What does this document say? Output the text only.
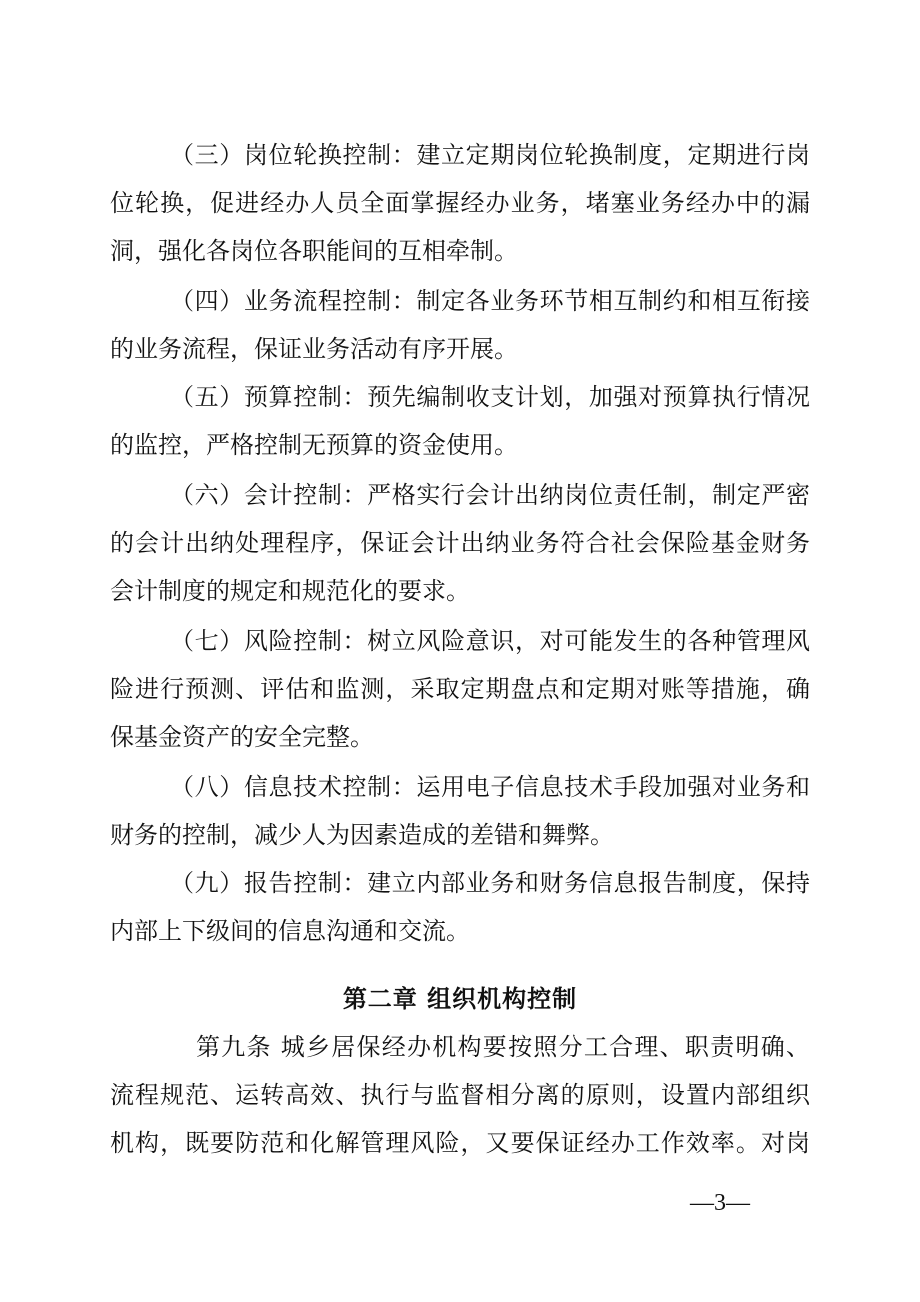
（三）岗位轮换控制：建立定期岗位轮换制度，定期进行岗
位轮换，促进经办人员全面掌握经办业务，堵塞业务经办中的漏
洞，强化各岗位各职能间的互相牵制。
（四）业务流程控制：制定各业务环节相互制约和相互衔接
的业务流程，保证业务活动有序开展。
（五）预算控制：预先编制收支计划，加强对预算执行情况
的监控，严格控制无预算的资金使用。
（六）会计控制：严格实行会计出纳岗位责任制，制定严密
的会计出纳处理程序，保证会计出纳业务符合社会保险基金财务
会计制度的规定和规范化的要求。
（七）风险控制：树立风险意识，对可能发生的各种管理风
险进行预测、评估和监测，采取定期盘点和定期对账等措施，确
保基金资产的安全完整。
（八）信息技术控制：运用电子信息技术手段加强对业务和
财务的控制，减少人为因素造成的差错和舞弊。
（九）报告控制：建立内部业务和财务信息报告制度，保持
内部上下级间的信息沟通和交流。
第二章 组织机构控制
第九条 城乡居保经办机构要按照分工合理、职责明确、
流程规范、运转高效、执行与监督相分离的原则，设置内部组织
机构，既要防范和化解管理风险，又要保证经办工作效率。对岗
—3—
